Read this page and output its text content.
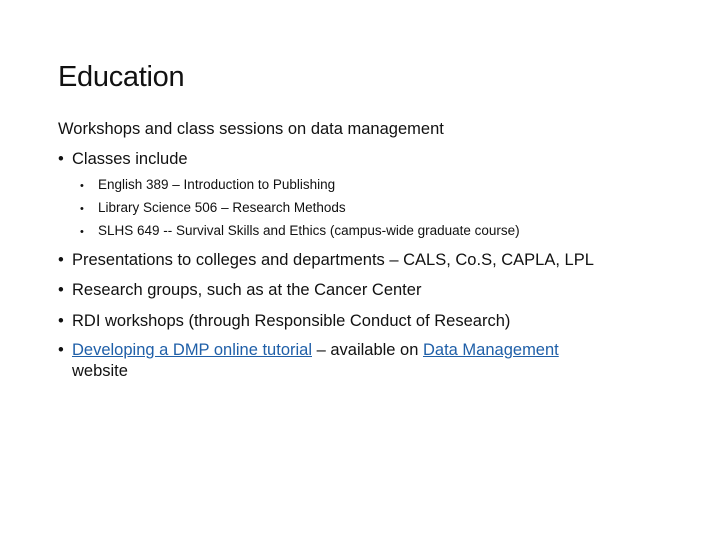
Education

Workshops and class sessions on data management

• Classes include
• English 389 – Introduction to Publishing
• Library Science 506 – Research Methods
• SLHS 649 -- Survival Skills and Ethics (campus-wide graduate course)
• Presentations to colleges and departments – CALS, Co.S, CAPLA, LPL
• Research groups, such as at the Cancer Center
• RDI workshops (through Responsible Conduct of Research)
• Developing a DMP online tutorial – available on Data Management
website
